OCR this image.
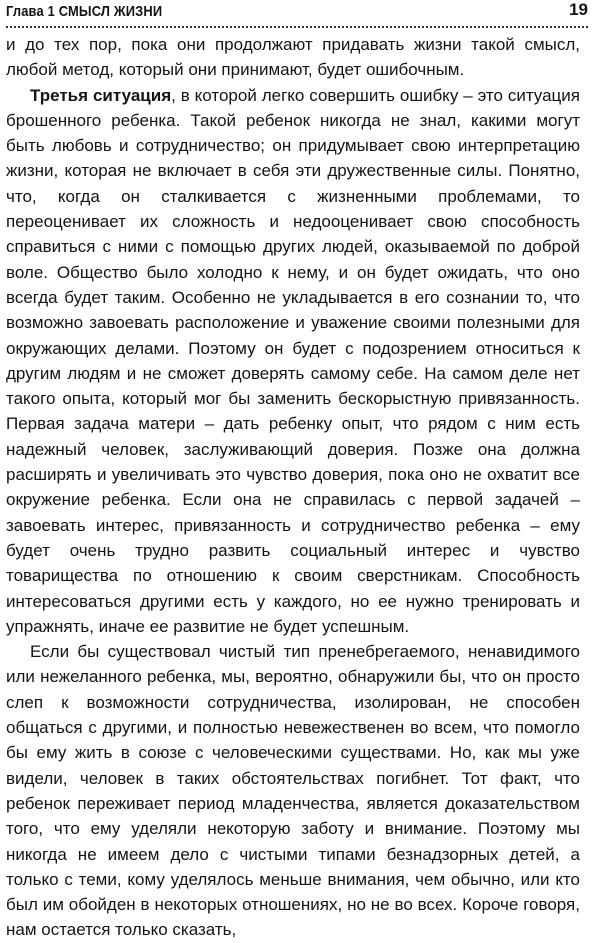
Глава 1 СМЫСЛ ЖИЗНИ	19

и до тех пор, пока они продолжают придавать жизни такой смысл, любой метод, который они принимают, будет ошибочным.

Третья ситуация, в которой легко совершить ошибку – это ситуация брошенного ребенка. Такой ребенок никогда не знал, какими могут быть любовь и сотрудничество; он придумывает свою интерпретацию жизни, которая не включает в себя эти дружественные силы. Понятно, что, когда он сталкивается с жизненными проблемами, то переоценивает их сложность и недооценивает свою способность справиться с ними с помощью других людей, оказываемой по доброй воле. Общество было холодно к нему, и он будет ожидать, что оно всегда будет таким. Особенно не укладывается в его сознании то, что возможно завоевать расположение и уважение своими полезными для окружающих делами. Поэтому он будет с подозрением относиться к другим людям и не сможет доверять самому себе. На самом деле нет такого опыта, который мог бы заменить бескорыстную привязанность. Первая задача матери – дать ребенку опыт, что рядом с ним есть надежный человек, заслуживающий доверия. Позже она должна расширять и увеличивать это чувство доверия, пока оно не охватит все окружение ребенка. Если она не справилась с первой задачей – завоевать интерес, привязанность и сотрудничество ребенка – ему будет очень трудно развить социальный интерес и чувство товарищества по отношению к своим сверстникам. Способность интересоваться другими есть у каждого, но ее нужно тренировать и упражнять, иначе ее развитие не будет успешным.

Если бы существовал чистый тип пренебрегаемого, ненавидимого или нежеланного ребенка, мы, вероятно, обнаружили бы, что он просто слеп к возможности сотрудничества, изолирован, не способен общаться с другими, и полностью невежественен во всем, что помогло бы ему жить в союзе с человеческими существами. Но, как мы уже видели, человек в таких обстоятельствах погибнет. Тот факт, что ребенок переживает период младенчества, является доказательством того, что ему уделяли некоторую заботу и внимание. Поэтому мы никогда не имеем дело с чистыми типами безнадзорных детей, а только с теми, кому уделялось меньше внимания, чем обычно, или кто был им обойден в некоторых отношениях, но не во всех. Короче говоря, нам остается только сказать,
